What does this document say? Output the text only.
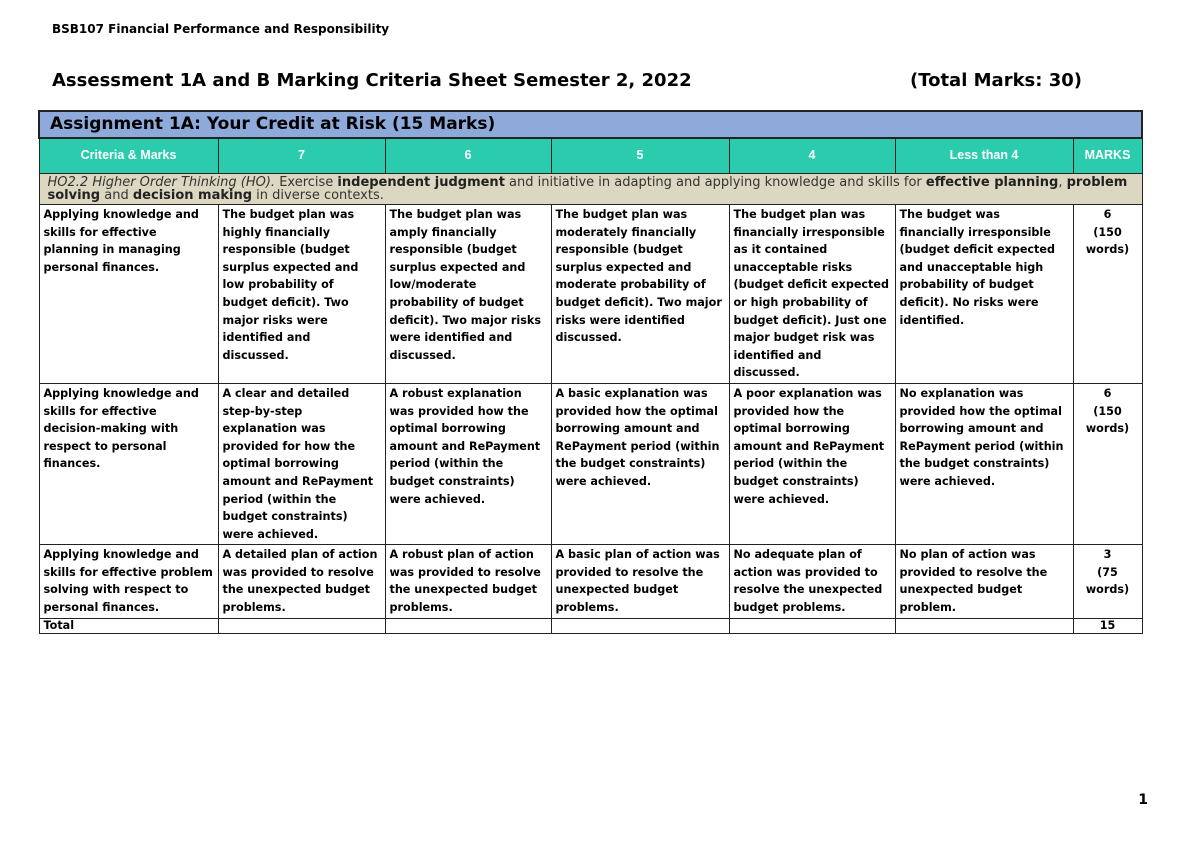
BSB107 Financial Performance and Responsibility
Assessment 1A and B Marking Criteria Sheet Semester 2, 2022	(Total Marks: 30)
Assignment 1A: Your Credit at Risk (15 Marks)						
Criteria & Marks	7	6	5	4	Less than 4	MARKS
HO2.2 Higher Order Thinking (HO). Exercise independent judgment and initiative in adapting and applying knowledge and skills for effective planning, problem solving and decision making in diverse contexts.						
Applying knowledge and skills for effective planning in managing personal finances.	The budget plan was highly financially responsible (budget surplus expected and low probability of budget deficit). Two major risks were identified and discussed.	The budget plan was amply financially responsible (budget surplus expected and low/moderate probability of budget deficit). Two major risks were identified and discussed.	The budget plan was moderately financially responsible (budget surplus expected and moderate probability of budget deficit). Two major risks were identified discussed.	The budget plan was financially irresponsible as it contained unacceptable risks (budget deficit expected or high probability of budget deficit). Just one major budget risk was identified and discussed.	The budget was financially irresponsible (budget deficit expected and unacceptable high probability of budget deficit). No risks were identified.	6
(150 words)

Applying knowledge and skills for effective decision-making with respect to personal finances.	A clear and detailed step-by-step explanation was provided for how the optimal borrowing amount and RePayment period (within the budget constraints) were achieved.	A robust explanation was provided how the optimal borrowing amount and RePayment period (within the budget constraints) were achieved.	A basic explanation was provided how the optimal borrowing amount and RePayment period (within the budget constraints) were achieved.	A poor explanation was provided how the optimal borrowing amount and RePayment period (within the budget constraints) were achieved.	No explanation was provided how the optimal borrowing amount and RePayment period (within the budget constraints) were achieved.	6
(150 words)

Applying knowledge and skills for effective problem solving with respect to personal finances.	A detailed plan of action was provided to resolve the unexpected budget problems.	A robust plan of action was provided to resolve the unexpected budget problems.	A basic plan of action was provided to resolve the unexpected budget problems.	No adequate plan of action was provided to resolve the unexpected budget problems.	No plan of action was provided to resolve the unexpected budget problem.	3
(75 words)

Total						15
1
